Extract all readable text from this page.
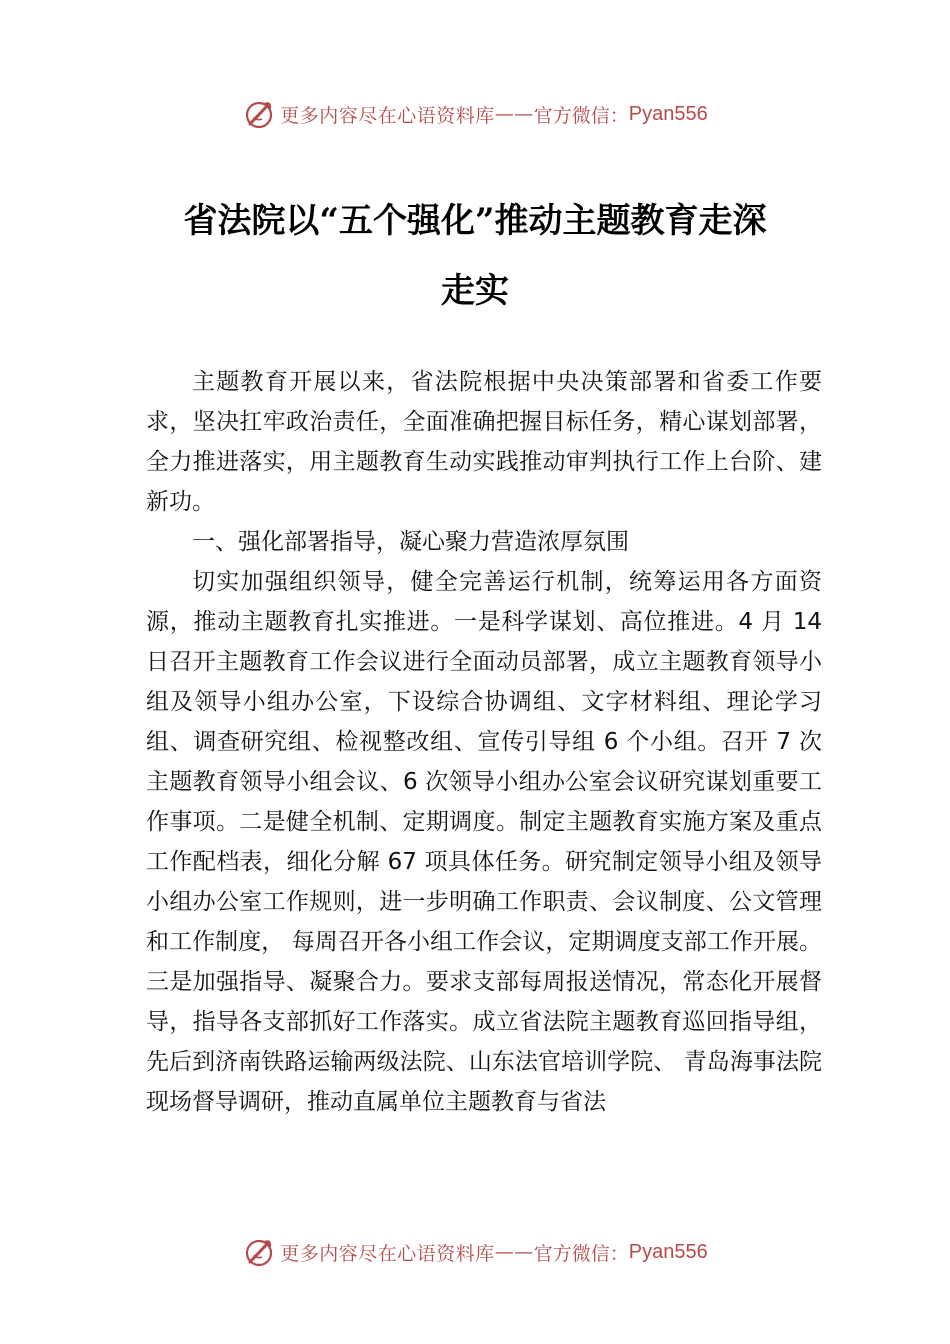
更多内容尽在心语资料库 —— 官方微信： Pyan556
省法院以“五个强化”推动主题教育走深
走实

主题教育开展以来，省法院根据中央决策部署和省委工作要求，坚决扛牢政治责任，全面准确把握目标任务，精心谋划部署，全力推进落实，用主题教育生动实践推动审判执行工作上台阶、建新功。

一、强化部署指导，凝心聚力营造浓厚氛围

切实加强组织领导，健全完善运行机制，统筹运用各方面资源，推动主题教育扎实推进。一是科学谋划、高位推进。4 月 14 日召开主题教育工作会议进行全面动员部署，成立主题教育领导小组及领导小组办公室，下设综合协调组、文字材料组、理论学习组、调查研究组、检视整改组、宣传引导组 6 个小组。召开 7 次主题教育领导小组会议、6 次领导小组办公室会议研究谋划重要工作事项。二是健全机制、定期调度。制定主题教育实施方案及重点工作配档表，细化分解 67 项具体任务。研究制定领导小组及领导小组办公室工作规则，进一步明确工作职责、会议制度、公文管理和工作制度， 每周召开各小组工作会议，定期调度支部工作开展。三是加强指导、凝聚合力。要求支部每周报送情况，常态化开展督导，指导各支部抓好工作落实。成立省法院主题教育巡回指导组，先后到济南铁路运输两级法院、山东法官培训学院、 青岛海事法院现场督导调研，推动直属单位主题教育与省法

更多内容尽在心语资料库 —— 官方微信： Pyan556
